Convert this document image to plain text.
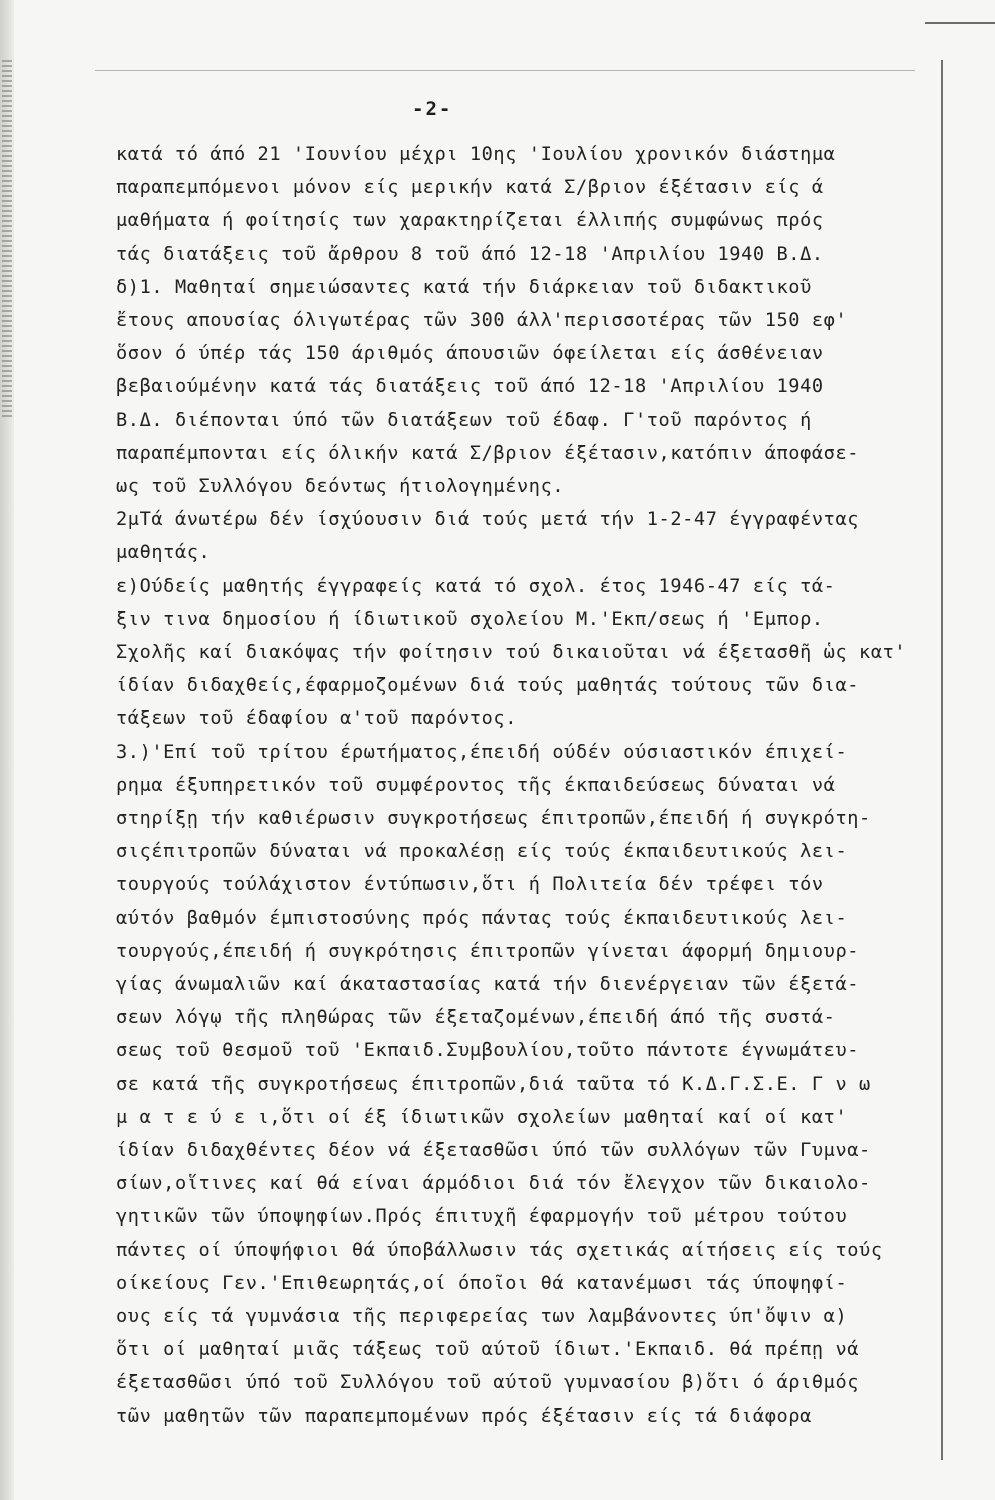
-2-
κατά τό άπό 21 'Ιουνίου μέχρι 10ης 'Ιουλίου χρονικόν διάστημα
παραπεμπόμενοι μόνον είς μερικήν κατά Σ/βριον έξέτασιν είς ά
μαθήματα ή φοίτησίς των χαρακτηρίζεται έλλιπής συμφώνως πρός
τάς διατάξεις τοῦ ἄρθρου 8 τοῦ άπό 12-18 'Απριλίου 1940 Β.Δ.
δ)1. Μαθηταί σημειώσαντες κατά τήν διάρκειαν τοῦ διδακτικοῦ
ἔτους απουσίας όλιγωτέρας τῶν 300 άλλ'περισσοτέρας τῶν 150 εφ'
ὅσον ό ύπέρ τάς 150 άριθμός άπουσιῶν όφείλεται είς άσθένειαν
βεβαιούμένην κατά τάς διατάξεις τοῦ άπό 12-18 'Απριλίου 1940
Β.Δ. διέπονται ύπό τῶν διατάξεων τοῦ έδαφ. Γ'τοῦ παρόντος ή
παραπέμπονται είς όλικήν κατά Σ/βριον έξέτασιν,κατόπιν άποφάσε-
ως τοῦ Συλλόγου δεόντως ήτιολογημένης.
2μΤά άνωτέρω δέν ίσχύουσιν διά τούς μετά τήν 1-2-47 έγγραφέντας
μαθητάς.
ε)Ούδείς μαθητής έγγραφείς κατά τό σχολ. έτος 1946-47 είς τά-
ξιν τινα δημοσίου ή ίδιωτικοῦ σχολείου Μ.'Εκπ/σεως ή 'Εμπορ.
Σχολῆς καί διακόψας τήν φοίτησιν τού δικαιοῦται νά έξετασθῆ ὡς κατ'
ίδίαν διδαχθείς,έφαρμοζομένων διά τούς μαθητάς τούτους τῶν δια-
τάξεων τοῦ έδαφίου α'τοῦ παρόντος.
3.)'Επί τοῦ τρίτου έρωτήματος,έπειδή ούδέν ούσιαστικόν έπιχεί-
ρημα έξυπηρετικόν τοῦ συμφέροντος τῆς έκπαιδεύσεως δύναται νά
στηρίξῃ τήν καθιέρωσιν συγκροτήσεως έπιτροπῶν,έπειδή ή συγκρότη-
σιςέπιτροπῶν δύναται νά προκαλέσῃ είς τούς έκπαιδευτικούς λει-
τουργούς τούλάχιστον έντύπωσιν,ὅτι ή Πολιτεία δέν τρέφει τόν
αύτόν βαθμόν έμπιστοσύνης πρός πάντας τούς έκπαιδευτικούς λει-
τουργούς,έπειδή ή συγκρότησις έπιτροπῶν γίνεται άφορμή δημιουρ-
γίας άνωμαλιῶν καί άκαταστασίας κατά τήν διενέργειαν τῶν έξετά-
σεων λόγῳ τῆς πληθώρας τῶν έξεταζομένων,έπειδή άπό τῆς συστά-
σεως τοῦ θεσμοῦ τοῦ 'Εκπαιδ.Συμβουλίου,τοῦτο πάντοτε έγνωμάτευ-
σε κατά τῆς συγκροτήσεως έπιτροπῶν,διά ταῦτα τό Κ.Δ.Γ.Σ.Ε. Γ ν ω
μ α τ ε ύ ε ι,ὅτι οί έξ ίδιωτικῶν σχολείων μαθηταί καί οί κατ'
ίδίαν διδαχθέντες δέον νά έξετασθῶσι ύπό τῶν συλλόγων τῶν Γυμνα-
σίων,οἵτινες καί θά είναι άρμόδιοι διά τόν ἔλεγχον τῶν δικαιολο-
γητικῶν τῶν ύποψηφίων.Πρός έπιτυχῆ έφαρμογήν τοῦ μέτρου τούτου
πάντες οί ύποψήφιοι θά ύποβάλλωσιν τάς σχετικάς αίτήσεις είς τούς
οίκείους Γεν.'Επιθεωρητάς,οί όποῖοι θά κατανέμωσι τάς ύποψηφί-
ους είς τά γυμνάσια τῆς περιφερείας των λαμβάνοντες ύπ'ὄψιν α)
ὅτι οί μαθηταί μιᾶς τάξεως τοῦ αύτοῦ ίδιωτ.'Εκπαιδ. θά πρέπῃ νά
έξετασθῶσι ύπό τοῦ Συλλόγου τοῦ αύτοῦ γυμνασίου β)ὅτι ό άριθμός
τῶν μαθητῶν τῶν παραπεμπομένων πρός έξέτασιν είς τά διάφορα
